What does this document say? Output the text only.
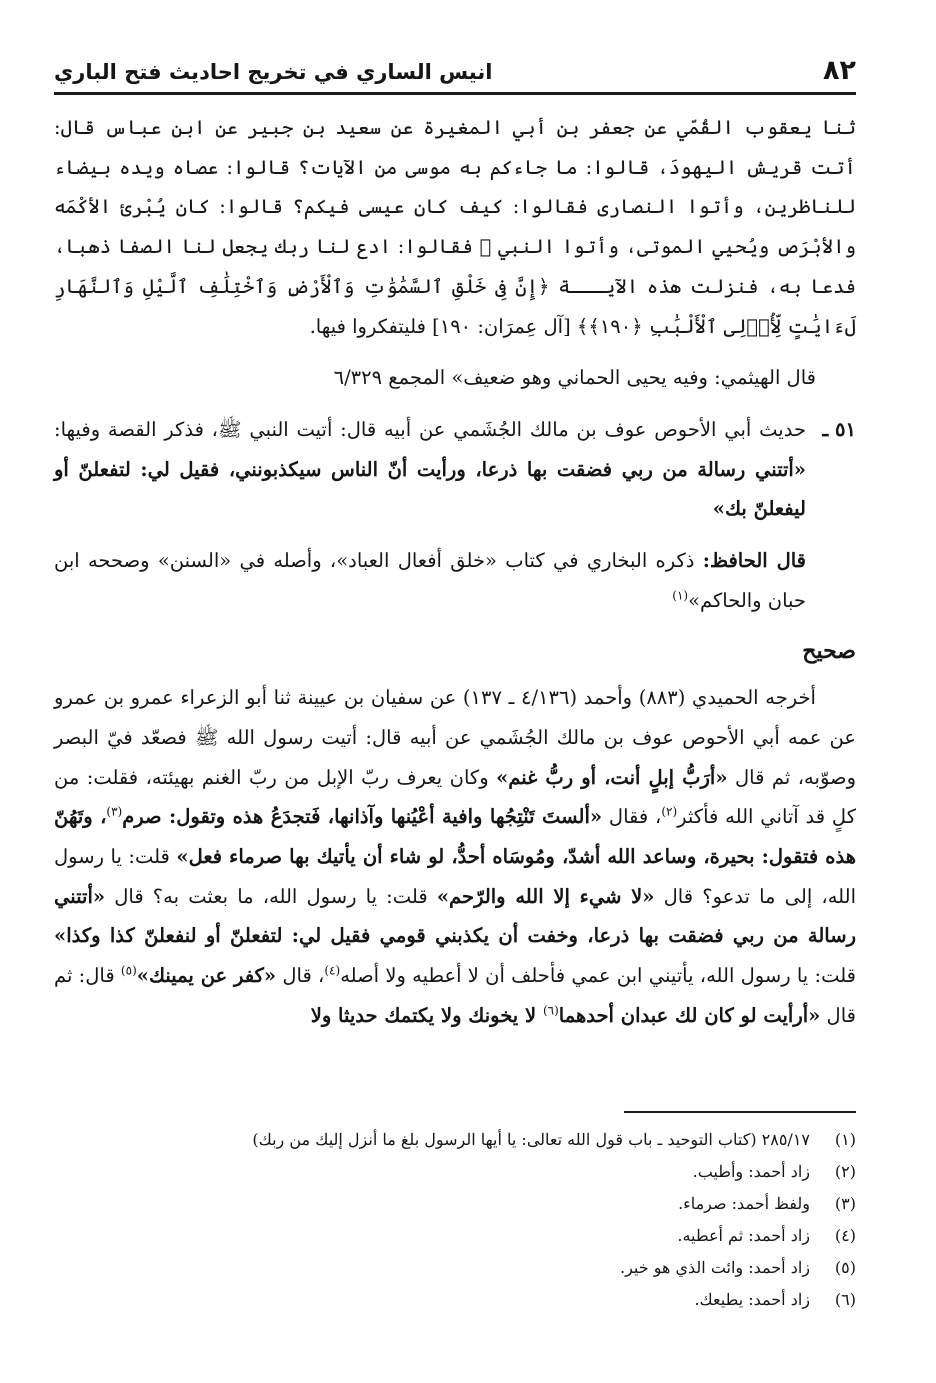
٨٢
انيس الساري في تخريج احاديث فتح الباري

ثنا يعقوب القُمّي عن جعفر بن أبي المغيرة عن سعيد بن جبير عن ابن عباس قال: أتت قريش اليهودَ، قالوا: ما جاءكم به موسى من الآيات؟ قالوا: عصاه ويده بيضاء للناظرين، وأتوا النصارى فقالوا: كيف كان عيسى فيكم؟ قالوا: كان يُبْرئ الأكْمَه والأبْرَص ويُحيي الموتى، وأتوا النبي ﷺ فقالوا: ادع لنا ربك يجعل لنا الصفا ذهبا، فدعا به، فنزلت هذه الآيـــة ﴿إِنَّ فِى خَلْقِ ٱلسَّمَٰوَٰتِ وَٱلْأَرْضِ وَٱخْتِلَٰفِ ٱلَّيْلِ وَٱلنَّهَارِ لَءَايَٰتٍ لِّأُو۟لِى ٱلْأَلْبَٰبِ ﴿١٩٠﴾﴾ [آل عِمرَان: ١٩٠] فليتفكروا فيها.

قال الهيثمي: وفيه يحيى الحماني وهو ضعيف» المجمع ٦/٣٢٩

٥١ ـ

حديث أبي الأحوص عوف بن مالك الجُشَمي عن أبيه قال: أتيت النبي ﷺ، فذكر القصة وفيها: «أتتني رسالة من ربي فضقت بها ذرعا، ورأيت أنّ الناس سيكذبونني، فقيل لي: لتفعلنّ أو ليفعلنّ بك»

قال الحافظ: ذكره البخاري في كتاب «خلق أفعال العباد»، وأصله في «السنن» وصححه ابن حبان والحاكم»$^{(١)}$

صحيح

أخرجه الحميدي (٨٨٣) وأحمد (٤/١٣٦ ـ ١٣٧) عن سفيان بن عيينة ثنا أبو الزعراء عمرو بن عمرو عن عمه أبي الأحوص عوف بن مالك الجُشَمي عن أبيه قال: أتيت رسول الله ﷺ فصعّد فيّ البصر وصوّبه، ثم قال «أرَبُّ إبلٍ أنت، أو ربُّ غنم» وكان يعرف ربّ الإبل من ربّ الغنم بهيئته، فقلت: من كلٍ قد آتاني الله فأكثر$^{(٢)}$، فقال «ألستَ تَنْتِجُها وافية أعْيُنها وآذانها، فَتجدَعُ هذه وتقول: صرم$^{(٣)}$، وتَهُنّ هذه فتقول: بحيرة، وساعد الله أشدّ، ومُوسَاه أحدُّ، لو شاء أن يأتيك بها صرماء فعل» قلت: يا رسول الله، إلى ما تدعو؟ قال «لا شيء إلا الله والرّحم» قلت: يا رسول الله، ما بعثت به؟ قال «أتتني رسالة من ربي فضقت بها ذرعا، وخفت أن يكذبني قومي فقيل لي: لتفعلنّ أو لنفعلنّ كذا وكذا» قلت: يا رسول الله، يأتيني ابن عمي فأحلف أن لا أعطيه ولا أصله$^{(٤)}$، قال «كفر عن يمينك»$^{(٥)}$ قال: ثم قال «أرأيت لو كان لك عبدان أحدهما$^{(٦)}$ لا يخونك ولا يكتمك حديثا ولا

(١)
٢٨٥/١٧ (كتاب التوحيد ـ باب قول الله تعالى: يا أيها الرسول بلغ ما أنزل إليك من ربك)
(٢)
زاد أحمد: وأطيب.
(٣)
ولفظ أحمد: صرماء.
(٤)
زاد أحمد: ثم أعطيه.
(٥)
زاد أحمد: وائت الذي هو خير.
(٦)
زاد أحمد: يطيعك.
